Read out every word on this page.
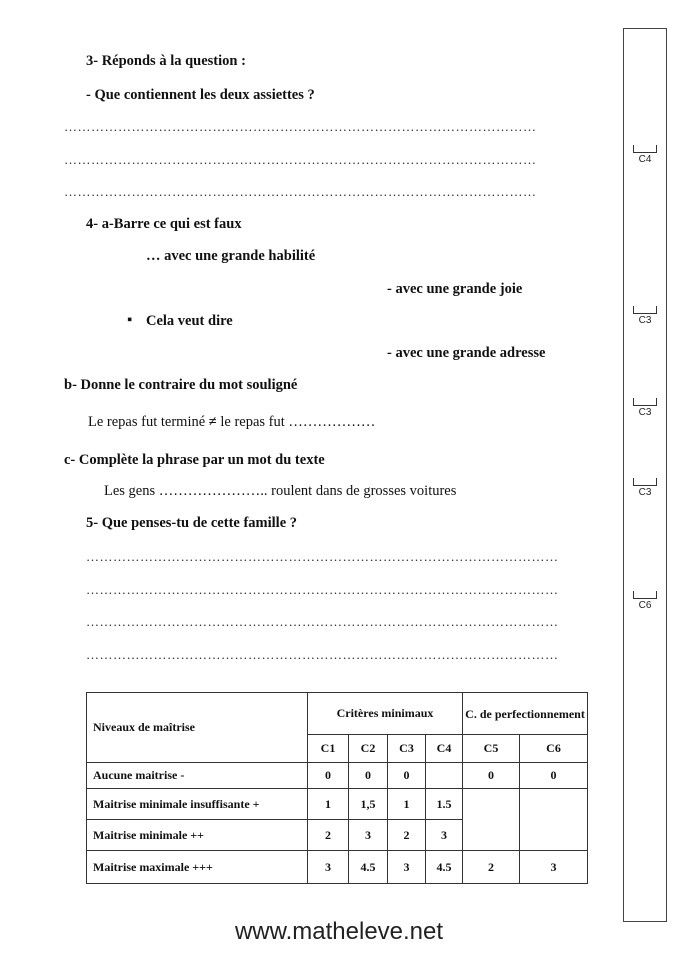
C4
C3
C3
C3
C6
3- Réponds à la question :
- Que contiennent les deux assiettes ?
……………………………………………………………………………………………
……………………………………………………………………………………………
……………………………………………………………………………………………
4- a-Barre ce qui est faux
… avec une grande habilité
- avec une grande joie
▪ Cela veut dire
- avec une grande adresse
b- Donne le contraire du mot souligné
Le repas fut terminé ≠ le repas fut ………………
c- Complète la phrase par un mot du texte
Les gens ………………….. roulent dans de grosses voitures
5- Que penses-tu de cette famille ?
……………………………………………………………………………………………
……………………………………………………………………………………………
……………………………………………………………………………………………
……………………………………………………………………………………………
Niveaux de maîtrise	Critères minimaux				C. de perfectionnement	
	C1	C2	C3	C4	C5	C6
Aucune maitrise -	0	0	0		0	0
Maitrise minimale insuffisante +	1	1,5	1	1.5		
Maitrise minimale ++	2	3	2	3		
Maitrise maximale +++	3	4.5	3	4.5	2	3
www.matheleve.net
